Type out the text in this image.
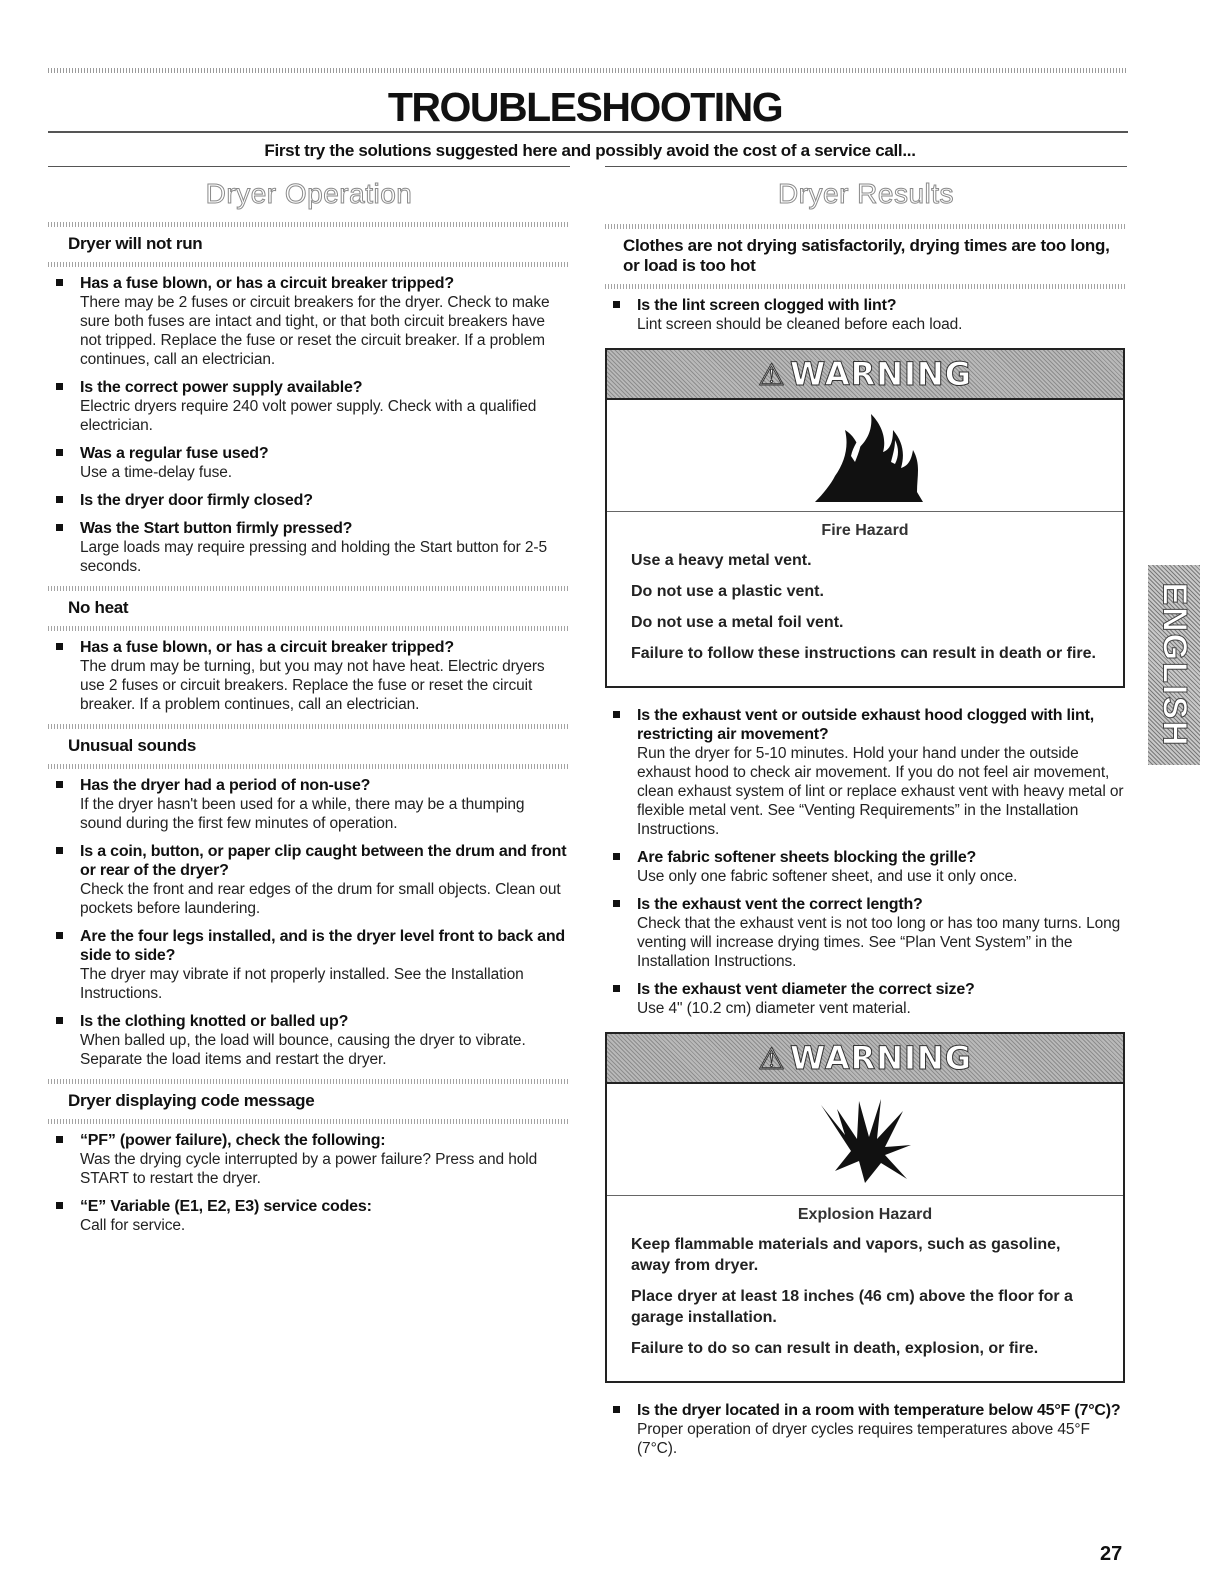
TROUBLESHOOTING
First try the solutions suggested here and possibly avoid the cost of a service call...
Dryer Operation	Dryer Results
Dryer will not run
Has a fuse blown, or has a circuit breaker tripped?
There may be 2 fuses or circuit breakers for the dryer. Check to make sure both fuses are intact and tight, or that both circuit breakers have not tripped. Replace the fuse or reset the circuit breaker. If a problem continues, call an electrician.
Is the correct power supply available?
Electric dryers require 240 volt power supply. Check with a qualified electrician.
Was a regular fuse used?
Use a time-delay fuse.
Is the dryer door firmly closed?
Was the Start button firmly pressed?
Large loads may require pressing and holding the Start button for 2-5 seconds.
No heat
Has a fuse blown, or has a circuit breaker tripped?
The drum may be turning, but you may not have heat. Electric dryers use 2 fuses or circuit breakers. Replace the fuse or reset the circuit breaker. If a problem continues, call an electrician.
Unusual sounds
Has the dryer had a period of non-use?
If the dryer hasn't been used for a while, there may be a thumping sound during the first few minutes of operation.
Is a coin, button, or paper clip caught between the drum and front or rear of the dryer?
Check the front and rear edges of the drum for small objects. Clean out pockets before laundering.
Are the four legs installed, and is the dryer level front to back and side to side?
The dryer may vibrate if not properly installed. See the Installation Instructions.
Is the clothing knotted or balled up?
When balled up, the load will bounce, causing the dryer to vibrate. Separate the load items and restart the dryer.
Dryer displaying code message
“PF” (power failure), check the following:
Was the drying cycle interrupted by a power failure? Press and hold START to restart the dryer.
“E” Variable (E1, E2, E3) service codes:
Call for service.
Clothes are not drying satisfactorily, drying times are too long, or load is too hot
Is the lint screen clogged with lint?
Lint screen should be cleaned before each load.
⚠ WARNING
Fire Hazard
Use a heavy metal vent.
Do not use a plastic vent.
Do not use a metal foil vent.
Failure to follow these instructions can result in death or fire.
Is the exhaust vent or outside exhaust hood clogged with lint, restricting air movement?
Run the dryer for 5-10 minutes. Hold your hand under the outside exhaust hood to check air movement. If you do not feel air movement, clean exhaust system of lint or replace exhaust vent with heavy metal or flexible metal vent. See “Venting Requirements” in the Installation Instructions.
Are fabric softener sheets blocking the grille?
Use only one fabric softener sheet, and use it only once.
Is the exhaust vent the correct length?
Check that the exhaust vent is not too long or has too many turns. Long venting will increase drying times. See “Plan Vent System” in the Installation Instructions.
Is the exhaust vent diameter the correct size?
Use 4" (10.2 cm) diameter vent material.
⚠ WARNING
Explosion Hazard
Keep flammable materials and vapors, such as gasoline, away from dryer.
Place dryer at least 18 inches (46 cm) above the floor for a garage installation.
Failure to do so can result in death, explosion, or fire.
Is the dryer located in a room with temperature below 45°F (7°C)?
Proper operation of dryer cycles requires temperatures above 45°F (7°C).
ENGLISH
27
